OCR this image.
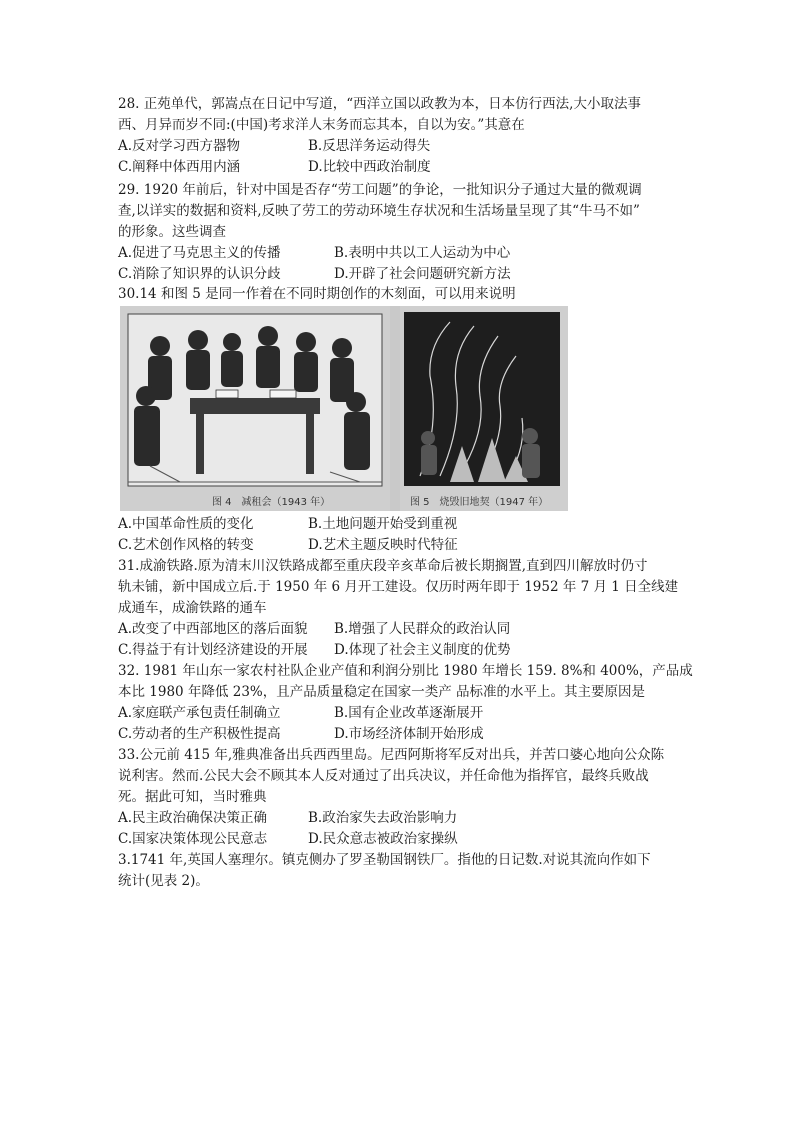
28. 正苑单代，郭嵩点在日记中写道，“西洋立国以政教为本，日本仿行西法,大小取法事
西、月异而岁不同:(中国)考求洋人末务而忘其本，自以为安。”其意在
A.反对学习西方器物	B.反思洋务运动得失
C.阐释中体西用内涵	D.比较中西政治制度
29. 1920 年前后，针对中国是否存“劳工问题”的争论，一批知识分子通过大量的微观调
查,以详实的数据和资料,反映了劳工的劳动环境生存状况和生活场量呈现了其“牛马不如”
的形象。这些调查
A.促进了马克思主义的传播	B.表明中共以工人运动为中心
C.消除了知识界的认识分歧	D.开辟了社会问题研究新方法
30.14 和图 5 是同一作着在不同时期创作的木刻面，可以用来说明
图 4　减租会（1943 年）	图 5　烧毁旧地契（1947 年）
A.中国革命性质的变化	B.土地问题开始受到重视
C.艺术创作风格的转变	D.艺术主题反映时代特征
31.成渝铁路.原为清末川汉铁路成都至重庆段辛亥革命后被长期搁置,直到四川解放时仍寸
轨未铺，新中国成立后.于 1950 年 6 月开工建设。仅历时两年即于 1952 年 7 月 1 日全线建
成通车，成渝铁路的通车
A.改变了中西部地区的落后面貌	B.增强了人民群众的政治认同
C.得益于有计划经济建设的开展	D.体现了社会主义制度的优势
32. 1981 年山东一家农村社队企业产值和利润分别比 1980 年增长 159. 8%和 400%，产品成
本比 1980 年降低 23%，且产品质量稳定在国家一类产 品标准的水平上。其主要原因是
A.家庭联产承包责任制确立	B.国有企业改革逐渐展开
C.劳动者的生产积极性提高	D.市场经济体制开始形成
33.公元前 415 年,雅典准备出兵西西里岛。尼西阿斯将军反对出兵，并苦口婆心地向公众陈
说利害。然而.公民大会不顾其本人反对通过了出兵决议，并任命他为指挥官，最终兵败战
死。据此可知，当时雅典
A.民主政治确保决策正确	B.政治家失去政治影响力
C.国家决策体现公民意志	D.民众意志被政治家操纵
3.1741 年,英国人塞理尔。镇克侧办了罗圣勒国钢铁厂。指他的日记数.对说其流向作如下
统计(见表 2)。
